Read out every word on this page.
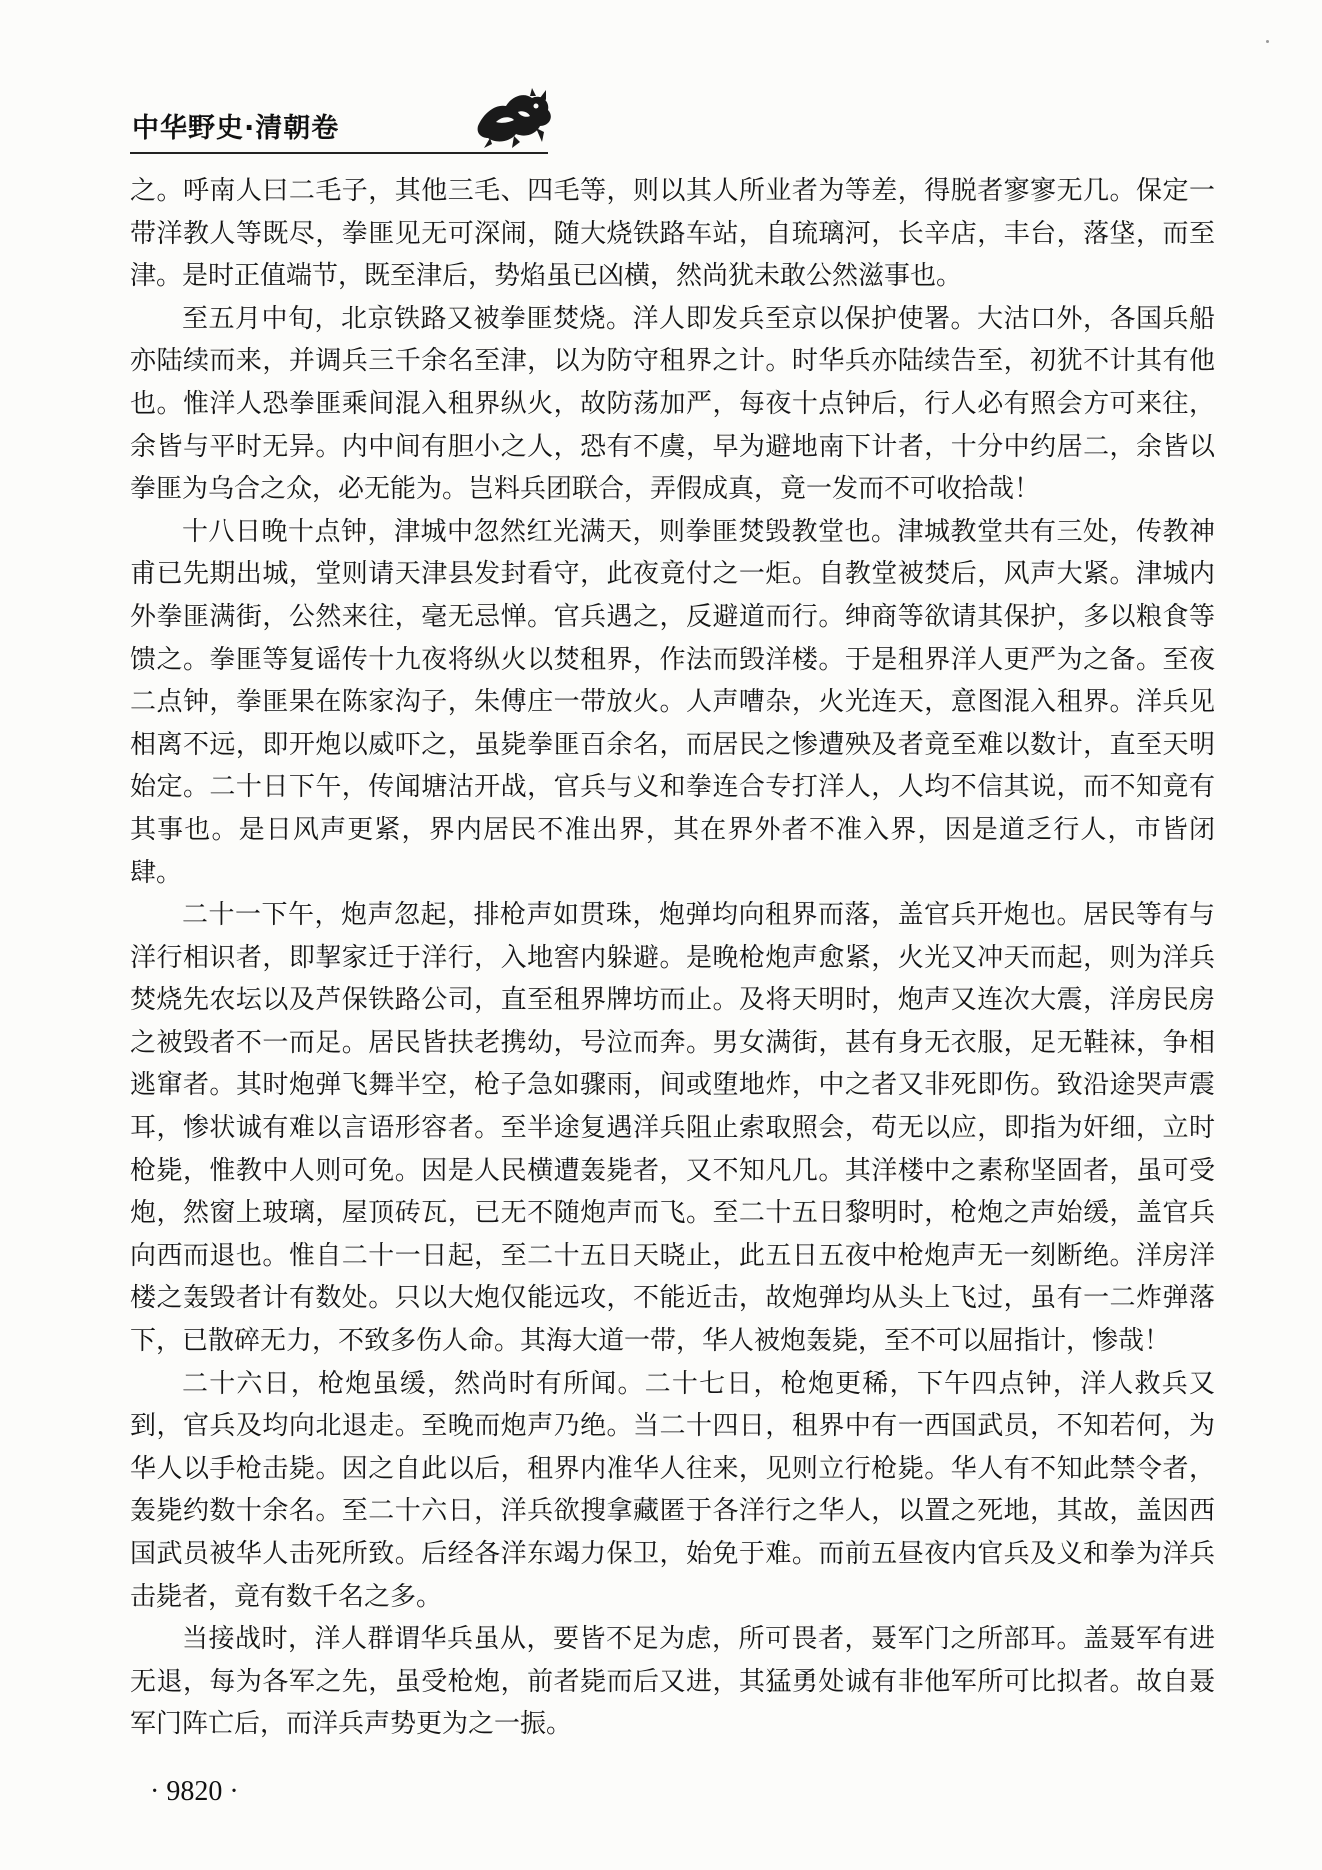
中华野史·清朝卷

之。呼南人曰二毛子，其他三毛、四毛等，则以其人所业者为等差，得脱者寥寥无几。保定一带洋教人等既尽，拳匪见无可深闹，随大烧铁路车站，自琉璃河，长辛店，丰台，落垡，而至津。是时正值端节，既至津后，势焰虽已凶横，然尚犹未敢公然滋事也。

至五月中旬，北京铁路又被拳匪焚烧。洋人即发兵至京以保护使署。大沽口外，各国兵船亦陆续而来，并调兵三千余名至津，以为防守租界之计。时华兵亦陆续告至，初犹不计其有他也。惟洋人恐拳匪乘间混入租界纵火，故防荡加严，每夜十点钟后，行人必有照会方可来往，余皆与平时无异。内中间有胆小之人，恐有不虞，早为避地南下计者，十分中约居二，余皆以拳匪为乌合之众，必无能为。岂料兵团联合，弄假成真，竟一发而不可收拾哉！

十八日晚十点钟，津城中忽然红光满天，则拳匪焚毁教堂也。津城教堂共有三处，传教神甫已先期出城，堂则请天津县发封看守，此夜竟付之一炬。自教堂被焚后，风声大紧。津城内外拳匪满街，公然来往，毫无忌惮。官兵遇之，反避道而行。绅商等欲请其保护，多以粮食等馈之。拳匪等复谣传十九夜将纵火以焚租界，作法而毁洋楼。于是租界洋人更严为之备。至夜二点钟，拳匪果在陈家沟子，朱傅庄一带放火。人声嘈杂，火光连天，意图混入租界。洋兵见相离不远，即开炮以威吓之，虽毙拳匪百余名，而居民之惨遭殃及者竟至难以数计，直至天明始定。二十日下午，传闻塘沽开战，官兵与义和拳连合专打洋人，人均不信其说，而不知竟有其事也。是日风声更紧，界内居民不准出界，其在界外者不准入界，因是道乏行人，市皆闭肆。

二十一下午，炮声忽起，排枪声如贯珠，炮弹均向租界而落，盖官兵开炮也。居民等有与洋行相识者，即挈家迁于洋行，入地窖内躲避。是晚枪炮声愈紧，火光又冲天而起，则为洋兵焚烧先农坛以及芦保铁路公司，直至租界牌坊而止。及将天明时，炮声又连次大震，洋房民房之被毁者不一而足。居民皆扶老携幼，号泣而奔。男女满街，甚有身无衣服，足无鞋袜，争相逃窜者。其时炮弹飞舞半空，枪子急如骤雨，间或堕地炸，中之者又非死即伤。致沿途哭声震耳，惨状诚有难以言语形容者。至半途复遇洋兵阻止索取照会，苟无以应，即指为奸细，立时枪毙，惟教中人则可免。因是人民横遭轰毙者，又不知凡几。其洋楼中之素称坚固者，虽可受炮，然窗上玻璃，屋顶砖瓦，已无不随炮声而飞。至二十五日黎明时，枪炮之声始缓，盖官兵向西而退也。惟自二十一日起，至二十五日天晓止，此五日五夜中枪炮声无一刻断绝。洋房洋楼之轰毁者计有数处。只以大炮仅能远攻，不能近击，故炮弹均从头上飞过，虽有一二炸弹落下，已散碎无力，不致多伤人命。其海大道一带，华人被炮轰毙，至不可以屈指计，惨哉！

二十六日，枪炮虽缓，然尚时有所闻。二十七日，枪炮更稀，下午四点钟，洋人救兵又到，官兵及均向北退走。至晚而炮声乃绝。当二十四日，租界中有一西国武员，不知若何，为华人以手枪击毙。因之自此以后，租界内准华人往来，见则立行枪毙。华人有不知此禁令者，轰毙约数十余名。至二十六日，洋兵欲搜拿藏匿于各洋行之华人，以置之死地，其故，盖因西国武员被华人击死所致。后经各洋东竭力保卫，始免于难。而前五昼夜内官兵及义和拳为洋兵击毙者，竟有数千名之多。

当接战时，洋人群谓华兵虽从，要皆不足为虑，所可畏者，聂军门之所部耳。盖聂军有进无退，每为各军之先，虽受枪炮，前者毙而后又进，其猛勇处诚有非他军所可比拟者。故自聂军门阵亡后，而洋兵声势更为之一振。

· 9820 ·
